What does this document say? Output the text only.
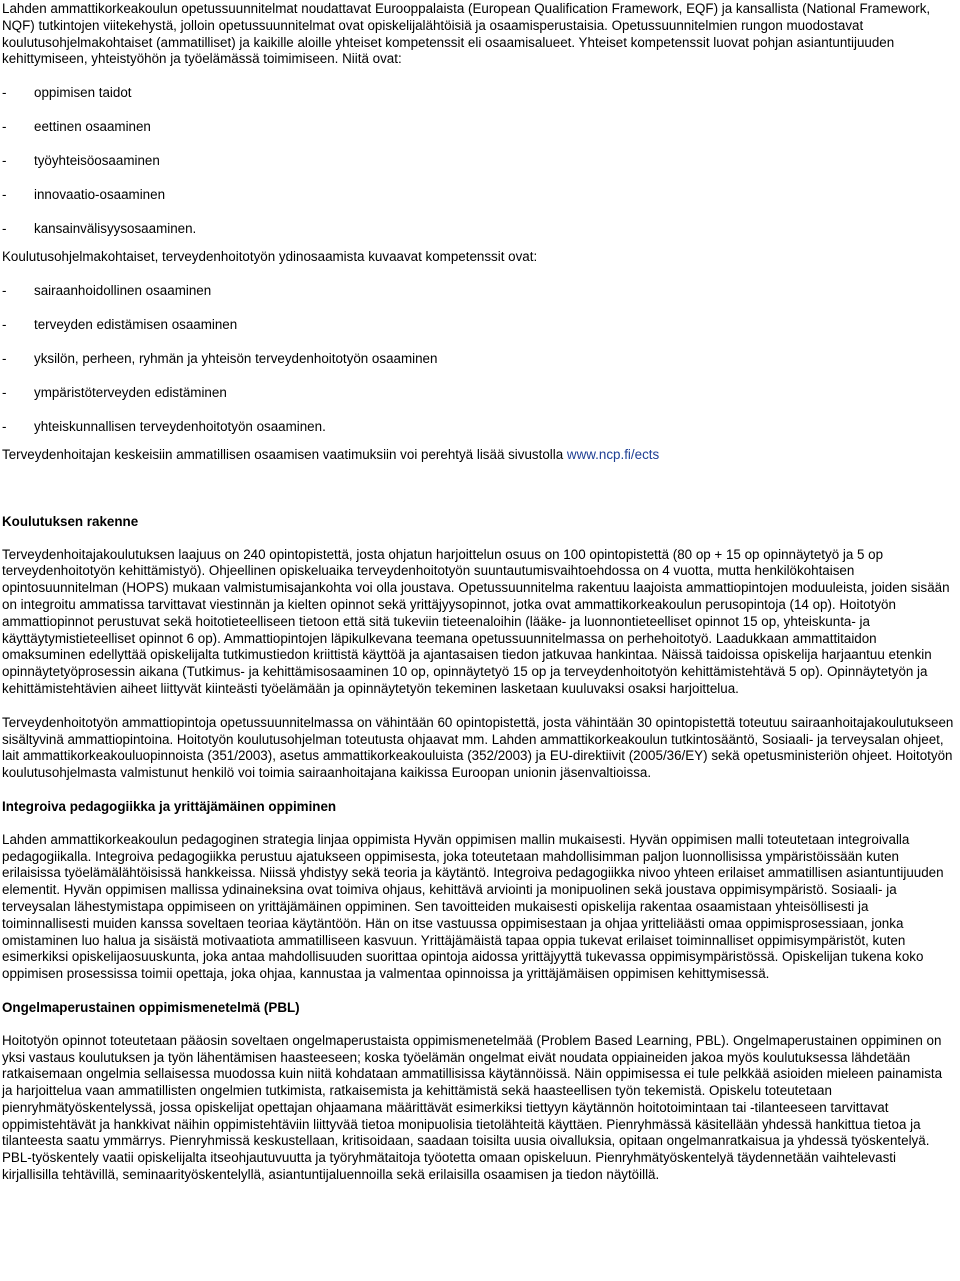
Lahden ammattikorkeakoulun opetussuunnitelmat noudattavat Eurooppalaista (European Qualification Framework, EQF) ja kansallista (National Framework, NQF) tutkintojen viitekehystä, jolloin opetussuunnitelmat ovat opiskelijalähtöisiä ja osaamisperustaisia. Opetussuunnitelmien rungon muodostavat koulutusohjelmakohtaiset (ammatilliset) ja kaikille aloille yhteiset kompetenssit eli osaamisalueet. Yhteiset kompetenssit luovat pohjan asiantuntijuuden kehittymiseen, yhteistyöhön ja työelämässä toimimiseen. Niitä ovat:

-	oppimisen taidot
-	eettinen osaaminen
-	työyhteisöosaaminen
-	innovaatio-osaaminen
-	kansainvälisyysosaaminen.

Koulutusohjelmakohtaiset, terveydenhoitotyön ydinosaamista kuvaavat kompetenssit ovat:

-	sairaanhoidollinen osaaminen
-	terveyden edistämisen osaaminen
-	yksilön, perheen, ryhmän ja yhteisön terveydenhoitotyön osaaminen
-	ympäristöterveyden edistäminen
-	yhteiskunnallisen terveydenhoitotyön osaaminen.

Terveydenhoitajan keskeisiin ammatillisen osaamisen vaatimuksiin voi perehtyä lisää sivustolla www.ncp.fi/ects

Koulutuksen rakenne

Terveydenhoitajakoulutuksen laajuus on 240 opintopistettä, josta ohjatun harjoittelun osuus on 100 opintopistettä (80 op + 15 op opinnäytetyö ja 5 op terveydenhoitotyön kehittämistyö). Ohjeellinen opiskeluaika terveydenhoitotyön suuntautumisvaihtoehdossa on 4 vuotta, mutta henkilökohtaisen opintosuunnitelman (HOPS) mukaan valmistumisajankohta voi olla joustava. Opetussuunnitelma rakentuu laajoista ammattiopintojen moduuleista, joiden sisään on integroitu ammatissa tarvittavat viestinnän ja kielten opinnot sekä yrittäjyysopinnot, jotka ovat ammattikorkeakoulun perusopintoja (14 op). Hoitotyön ammattiopinnot perustuvat sekä hoitotieteelliseen tietoon että sitä tukeviin tieteenaloihin (lääke- ja luonnontieteelliset opinnot 15 op, yhteiskunta- ja käyttäytymistieteelliset opinnot 6 op). Ammattiopintojen läpikulkevana teemana opetussuunnitelmassa on perhehoitotyö. Laadukkaan ammattitaidon omaksuminen edellyttää opiskelijalta tutkimustiedon kriittistä käyttöä ja ajantasaisen tiedon jatkuvaa hankintaa. Näissä taidoissa opiskelija harjaantuu etenkin opinnäytetyöprosessin aikana (Tutkimus- ja kehittämisosaaminen 10 op, opinnäytetyö 15 op ja terveydenhoitotyön kehittämistehtävä 5 op). Opinnäytetyön ja kehittämistehtävien aiheet liittyvät kiinteästi työelämään ja opinnäytetyön tekeminen lasketaan kuuluvaksi osaksi harjoittelua.

Terveydenhoitotyön ammattiopintoja opetussuunnitelmassa on vähintään 60 opintopistettä, josta vähintään 30 opintopistettä toteutuu sairaanhoitajakoulutukseen sisältyvinä ammattiopintoina. Hoitotyön koulutusohjelman toteutusta ohjaavat mm. Lahden ammattikorkeakoulun tutkintosääntö, Sosiaali- ja terveysalan ohjeet, lait ammattikorkeakouluopinnoista (351/2003), asetus ammattikorkeakouluista (352/2003) ja EU-direktiivit (2005/36/EY) sekä opetusministeriön ohjeet. Hoitotyön koulutusohjelmasta valmistunut henkilö voi toimia sairaanhoitajana kaikissa Euroopan unionin jäsenvaltioissa.

Integroiva pedagogiikka ja yrittäjämäinen oppiminen

Lahden ammattikorkeakoulun pedagoginen strategia linjaa oppimista Hyvän oppimisen mallin mukaisesti. Hyvän oppimisen malli toteutetaan integroivalla pedagogiikalla. Integroiva pedagogiikka perustuu ajatukseen oppimisesta, joka toteutetaan mahdollisimman paljon luonnollisissa ympäristöissään kuten erilaisissa työelämälähtöisissä hankkeissa. Niissä yhdistyy sekä teoria ja käytäntö. Integroiva pedagogiikka nivoo yhteen erilaiset ammatillisen asiantuntijuuden elementit. Hyvän oppimisen mallissa ydinaineksina ovat toimiva ohjaus, kehittävä arviointi ja monipuolinen sekä joustava oppimisympäristö. Sosiaali- ja terveysalan lähestymistapa oppimiseen on yrittäjämäinen oppiminen. Sen tavoitteiden mukaisesti opiskelija rakentaa osaamistaan yhteisöllisesti ja toiminnallisesti muiden kanssa soveltaen teoriaa käytäntöön. Hän on itse vastuussa oppimisestaan ja ohjaa yritteliäästi omaa oppimisprosessiaan, jonka omistaminen luo halua ja sisäistä motivaatiota ammatilliseen kasvuun. Yrittäjämäistä tapaa oppia tukevat erilaiset toiminnalliset oppimisympäristöt, kuten esimerkiksi opiskelijaosuuskunta, joka antaa mahdollisuuden suorittaa opintoja aidossa yrittäjyyttä tukevassa oppimisympäristössä. Opiskelijan tukena koko oppimisen prosessissa toimii opettaja, joka ohjaa, kannustaa ja valmentaa opinnoissa ja yrittäjämäisen oppimisen kehittymisessä.

Ongelmaperustainen oppimismenetelmä (PBL)

Hoitotyön opinnot toteutetaan pääosin soveltaen ongelmaperustaista oppimismenetelmää (Problem Based Learning, PBL). Ongelmaperustainen oppiminen on yksi vastaus koulutuksen ja työn lähentämisen haasteeseen; koska työelämän ongelmat eivät noudata oppiaineiden jakoa myös koulutuksessa lähdetään ratkaisemaan ongelmia sellaisessa muodossa kuin niitä kohdataan ammatillisissa käytännöissä. Näin oppimisessa ei tule pelkkää asioiden mieleen painamista ja harjoittelua vaan ammatillisten ongelmien tutkimista, ratkaisemista ja kehittämistä sekä haasteellisen työn tekemistä. Opiskelu toteutetaan pienryhmätyöskentelyssä, jossa opiskelijat opettajan ohjaamana määrittävät esimerkiksi tiettyyn käytännön hoitotoimintaan tai -tilanteeseen tarvittavat oppimistehtävät ja hankkivat näihin oppimistehtäviin liittyvää tietoa monipuolisia tietolähteitä käyttäen. Pienryhmässä käsitellään yhdessä hankittua tietoa ja tilanteesta saatu ymmärrys. Pienryhmissä keskustellaan, kritisoidaan, saadaan toisilta uusia oivalluksia, opitaan ongelmanratkaisua ja yhdessä työskentelyä. PBL-työskentely vaatii opiskelijalta itseohjautuvuutta ja työryhmätaitoja työotetta omaan opiskeluun. Pienryhmätyöskentelyä täydennetään vaihtelevasti kirjallisilla tehtävillä, seminaarityöskentelyllä, asiantuntijaluennoilla sekä erilaisilla osaamisen ja tiedon näytöillä.
